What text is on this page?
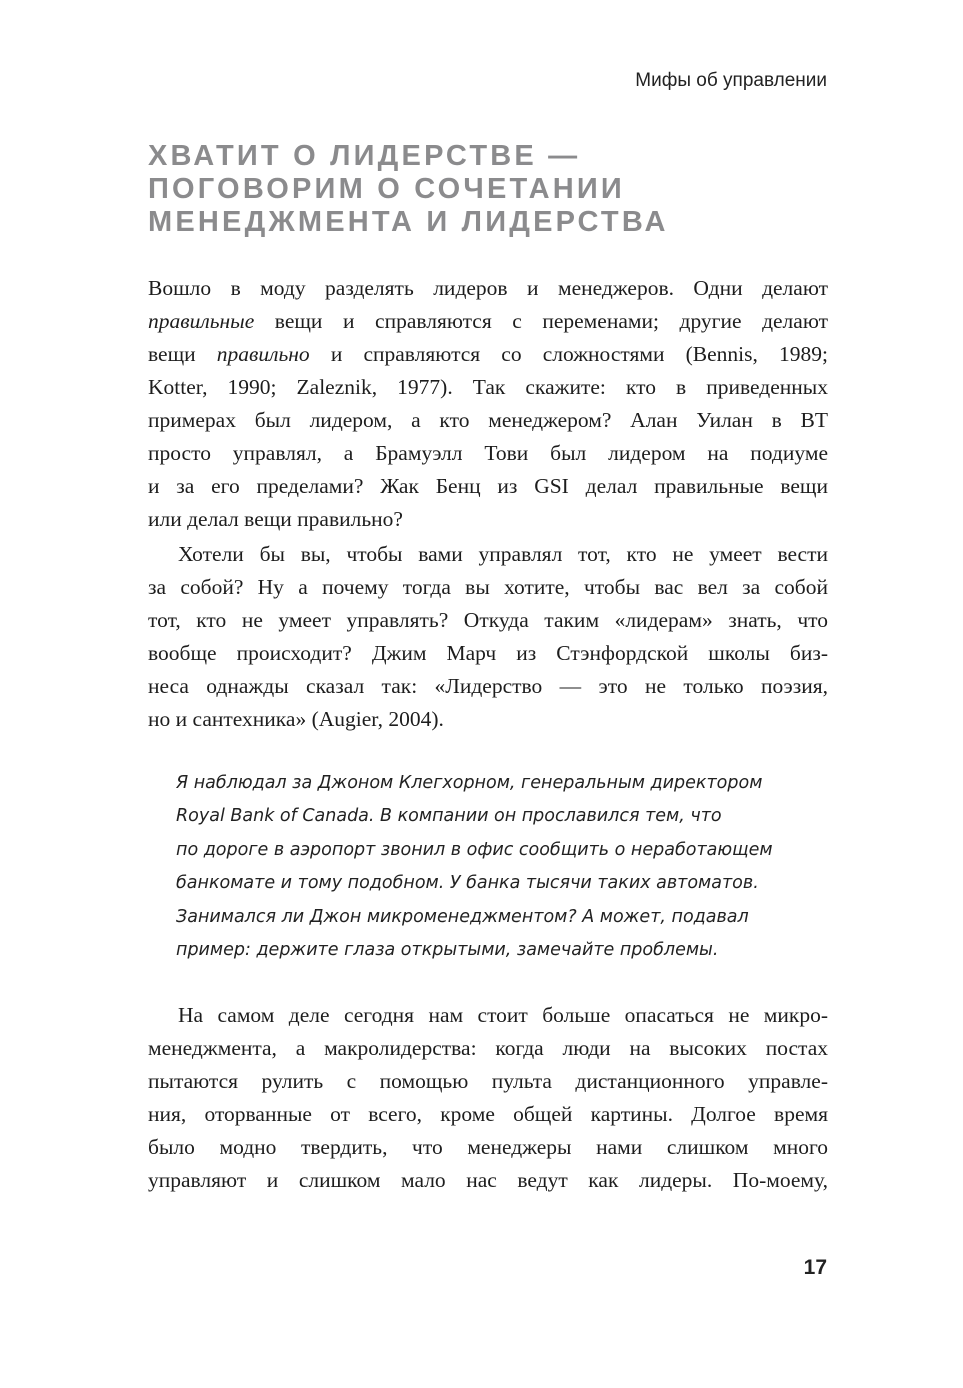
Мифы об управлении
ХВАТИТ О ЛИДЕРСТВЕ —
ПОГОВОРИМ О СОЧЕТАНИИ
МЕНЕДЖМЕНТА И ЛИДЕРСТВА
Вошло в моду разделять лидеров и менеджеров. Одни делают
правильные вещи и справляются с переменами; другие делают
вещи правильно и справляются со сложностями (Bennis, 1989;
Kotter, 1990; Zaleznik, 1977). Так скажите: кто в приведенных
примерах был лидером, а кто менеджером? Алан Уилан в BT
просто управлял, а Брамуэлл Тови был лидером на подиуме
и за его пределами? Жак Бенц из GSI делал правильные вещи
или делал вещи правильно?
Хотели бы вы, чтобы вами управлял тот, кто не умеет вести
за собой? Ну а почему тогда вы хотите, чтобы вас вел за собой
тот, кто не умеет управлять? Откуда таким «лидерам» знать, что
вообще происходит? Джим Марч из Стэнфордской школы биз-
неса однажды сказал так: «Лидерство — это не только поэзия,
но и сантехника» (Augier, 2004).
Я наблюдал за Джоном Клегхорном, генеральным директором
Royal Bank of Canada. В компании он прославился тем, что
по дороге в аэропорт звонил в офис сообщить о неработающем
банкомате и тому подобном. У банка тысячи таких автоматов.
Занимался ли Джон микроменеджментом? А может, подавал
пример: держите глаза открытыми, замечайте проблемы.
На самом деле сегодня нам стоит больше опасаться не микро-
менеджмента, а макролидерства: когда люди на высоких постах
пытаются рулить с помощью пульта дистанционного управле-
ния, оторванные от всего, кроме общей картины. Долгое время
было модно твердить, что менеджеры нами слишком много
управляют и слишком мало нас ведут как лидеры. По-моему,
17
